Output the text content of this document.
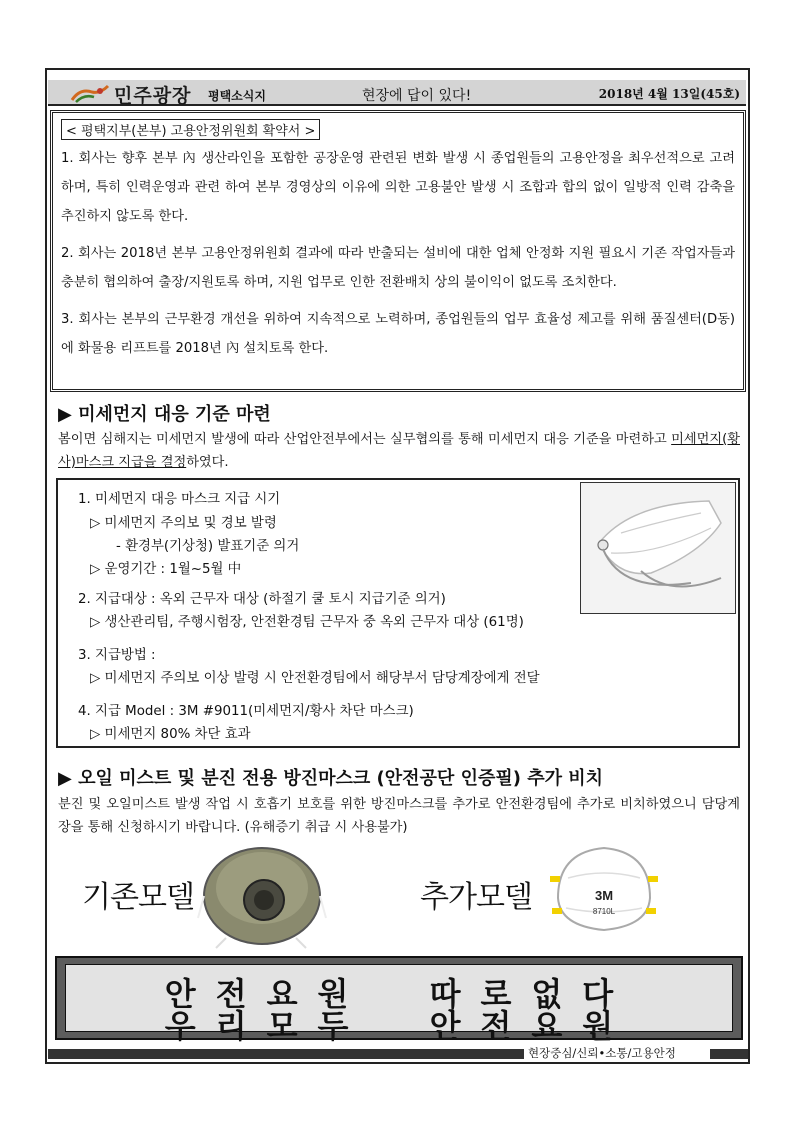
민주광장 평택소식지	현장에 답이 있다!	2018년 4월 13일(45호)
< 평택지부(본부) 고용안정위원회 확약서 >

1. 회사는 향후 본부 內 생산라인을 포함한 공장운영 관련된 변화 발생 시 종업원들의 고용안정을 최우선적으로 고려하며, 특히 인력운영과 관련 하여 본부 경영상의 이유에 의한 고용불안 발생 시 조합과 합의 없이 일방적 인력 감축을 추진하지 않도록 한다.

2. 회사는 2018년 본부 고용안정위원회 결과에 따라 반출되는 설비에 대한 업체 안정화 지원 필요시 기존 작업자들과 충분히 협의하여 출장/지원토록 하며, 지원 업무로 인한 전환배치 상의 불이익이 없도록 조치한다.

3. 회사는 본부의 근무환경 개선을 위하여 지속적으로 노력하며, 종업원들의 업무 효율성 제고를 위해 품질센터(D동)에 화물용 리프트를 2018년 內 설치토록 한다.

▶ 미세먼지 대응 기준 마련
봄이면 심해지는 미세먼지 발생에 따라 산업안전부에서는 실무협의를 통해 미세먼지 대응 기준을 마련하고 미세먼지(황사)마스크 지급을 결정하였다.
1. 미세먼지 대응 마스크 지급 시기
▷ 미세먼지 주의보 및 경보 발령
- 환경부(기상청) 발표기준 의거
▷ 운영기간 : 1월~5월 中
2. 지급대상 : 옥외 근무자 대상 (하절기 쿨 토시 지급기준 의거)
▷ 생산관리팀, 주행시험장, 안전환경팀 근무자 중 옥외 근무자 대상 (61명)
3. 지급방법 :
▷ 미세먼지 주의보 이상 발령 시 안전환경팀에서 해당부서 담당계장에게 전달
4. 지급 Model : 3M #9011(미세먼지/황사 차단 마스크)
▷ 미세먼지 80% 차단 효과
▶ 오일 미스트 및 분진 전용 방진마스크 (안전공단 인증필) 추가 비치
분진 및 오일미스트 발생 작업 시 호흡기 보호를 위한 방진마스크를 추가로 안전환경팀에 추가로 비치하였으니 담당계장을 통해 신청하시기 바랍니다. (유해증기 취급 시 사용불가)
기존모델	추가모델	3M
8710L
안전요원 따로없다
우리모두 안전요원
현장중심/신뢰•소통/고용안정
